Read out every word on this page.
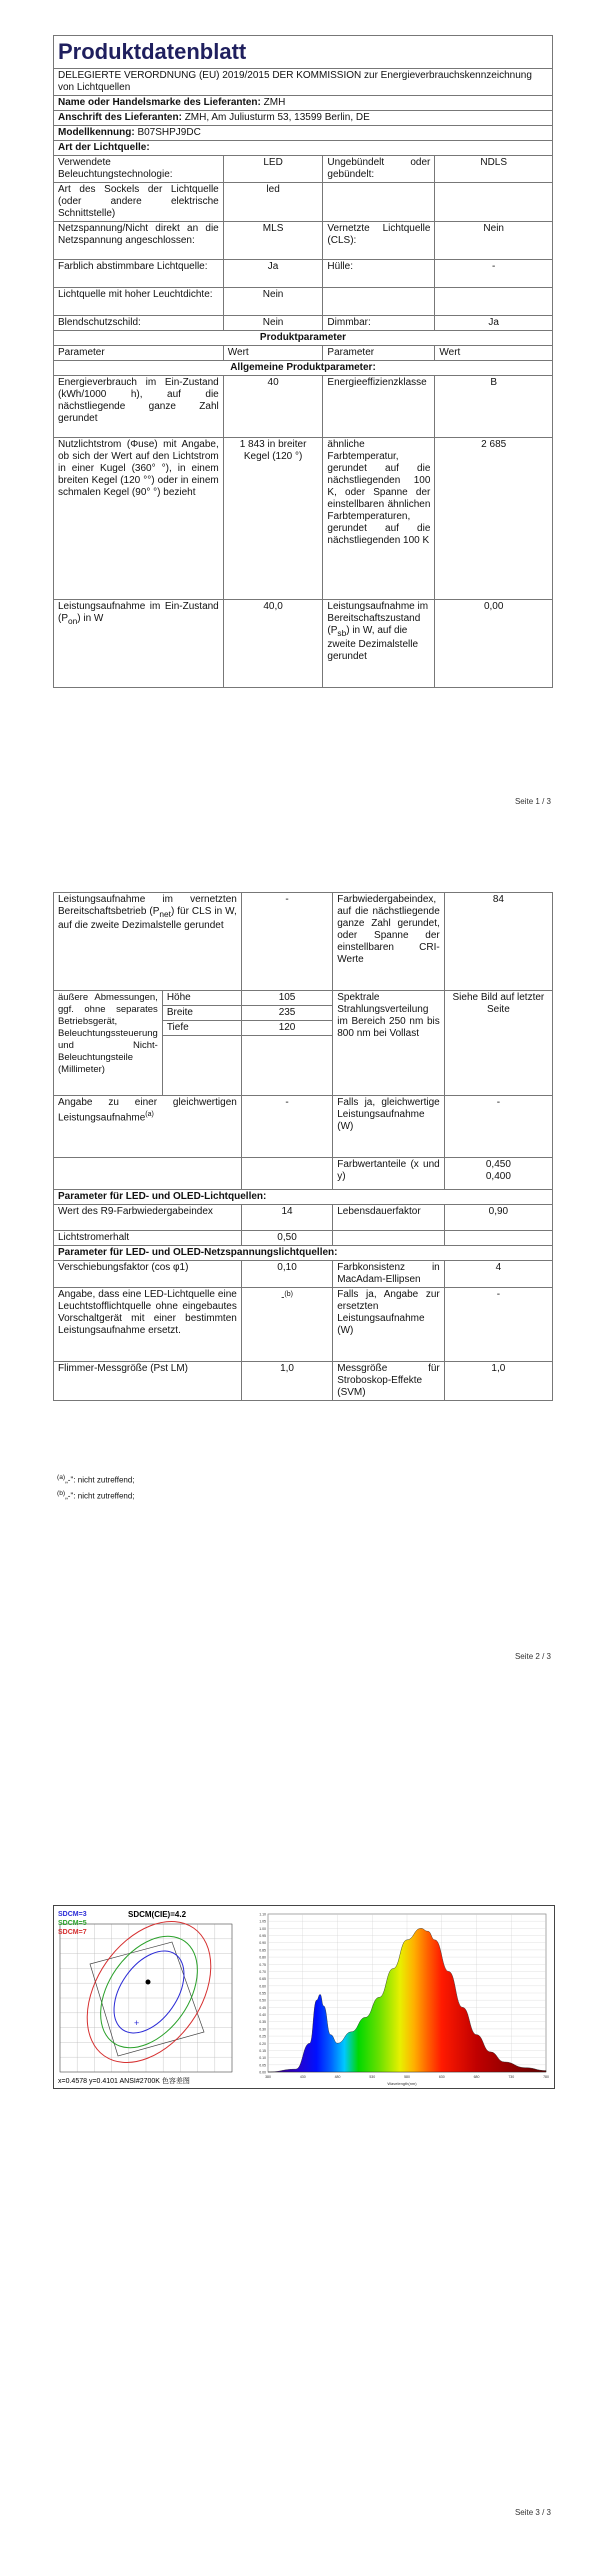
Produktdatenblatt			
DELEGIERTE VERORDNUNG (EU) 2019/2015 DER KOMMISSION zur Energieverbrauchskennzeichnung von Lichtquellen			
Name oder Handelsmarke des Lieferanten: ZMH			
Anschrift des Lieferanten: ZMH, Am Juliusturm 53, 13599 Berlin, DE			
Modellkennung: B07SHPJ9DC			
Art der Lichtquelle:			
Verwendete Beleuchtungstechnologie:	LED	Ungebündelt oder gebündelt:	NDLS
Art des Sockels der Lichtquelle (oder andere elektrische Schnittstelle)	led		
Netzspannung/Nicht direkt an die Netzspannung angeschlossen:	MLS	Vernetzte Lichtquelle (CLS):	Nein
Farblich abstimmbare Lichtquelle:	Ja	Hülle:	-
Lichtquelle mit hoher Leuchtdichte:	Nein		
Blendschutzschild:	Nein	Dimmbar:	Ja
Produktparameter			
Parameter	Wert	Parameter	Wert
Allgemeine Produktparameter:			
Energieverbrauch im Ein-Zustand (kWh/1000 h), auf die nächstliegende ganze Zahl gerundet	40	Energieeffizienzklasse	B
Nutzlichtstrom (Φuse) mit Angabe, ob sich der Wert auf den Lichtstrom in einer Kugel (360° °), in einem breiten Kegel (120 °°) oder in einem schmalen Kegel (90° °) bezieht	1 843 in breiter Kegel (120 °)	ähnliche Farbtemperatur, gerundet auf die nächstliegenden 100 K, oder Spanne der einstellbaren ähnlichen Farbtemperaturen, gerundet auf die nächstliegenden 100 K	2 685
Leistungsaufnahme im Ein-Zustand $(P_{on})$ in W	40,0	Leistungsaufnahme im Bereitschaftszustand $(P_{sb})$ in W, auf die zweite Dezimalstelle gerundet	0,00
Seite 1 / 3
Leistungsaufnahme im vernetzten Bereitschaftsbetrieb $(P_{net})$ für CLS in W, auf die zweite Dezimalstelle gerundet		-	Farbwiedergabeindex, auf die nächstliegende ganze Zahl gerundet, oder Spanne der einstellbaren CRI-Werte	84
äußere Abmessungen, ggf. ohne separates Betriebsgerät, Beleuchtungssteuerung und Nicht-Beleuchtungsteile (Millimeter)	Höhe	105	Spektrale Strahlungsverteilung im Bereich 250 nm bis 800 nm bei Vollast	Siehe Bild auf letzter Seite
	Breite	235		
	Tiefe	120		

Angabe zu einer gleichwertigen Leistungsaufnahme$^{(a)}$		-	Falls ja, gleichwertige Leistungsaufnahme (W)	-
			Farbwertanteile (x und y)	0,450
0,400
Parameter für LED- und OLED-Lichtquellen:				
Wert des R9-Farbwiedergabeindex		14	Lebensdauerfaktor	0,90
Lichtstromerhalt		0,50		
Parameter für LED- und OLED-Netzspannungslichtquellen:				
Verschiebungsfaktor (cos φ1)		0,10	Farbkonsistenz in MacAdam-Ellipsen	4
Angabe, dass eine LED-Lichtquelle eine Leuchtstofflichtquelle ohne eingebautes Vorschaltgerät mit einer bestimmten Leistungsaufnahme ersetzt.		-$^{(b)}$	Falls ja, Angabe zur ersetzten Leistungsaufnahme (W)	-
Flimmer-Messgröße (Pst LM)		1,0	Messgröße für Stroboskop-Effekte (SVM)	1,0
$^{(a)}$„-": nicht zutreffend;
$^{(b)}$„-": nicht zutreffend;
Seite 2 / 3
+
SDCM(CIE)=4.2
SDCM=3
SDCM=5
SDCM=7
x=0.4578 y=0.4101 ANSI#2700K 色容差图
0.00
0.05
0.10
0.15
0.20
0.25
0.30
0.35
0.40
0.45
0.50
0.55
0.60
0.65
0.70
0.75
0.80
0.85
0.90
0.95
1.00
1.05
1.10
380	430	480	530	580	630	680	730	780
Wavelength(nm)
Seite 3 / 3
